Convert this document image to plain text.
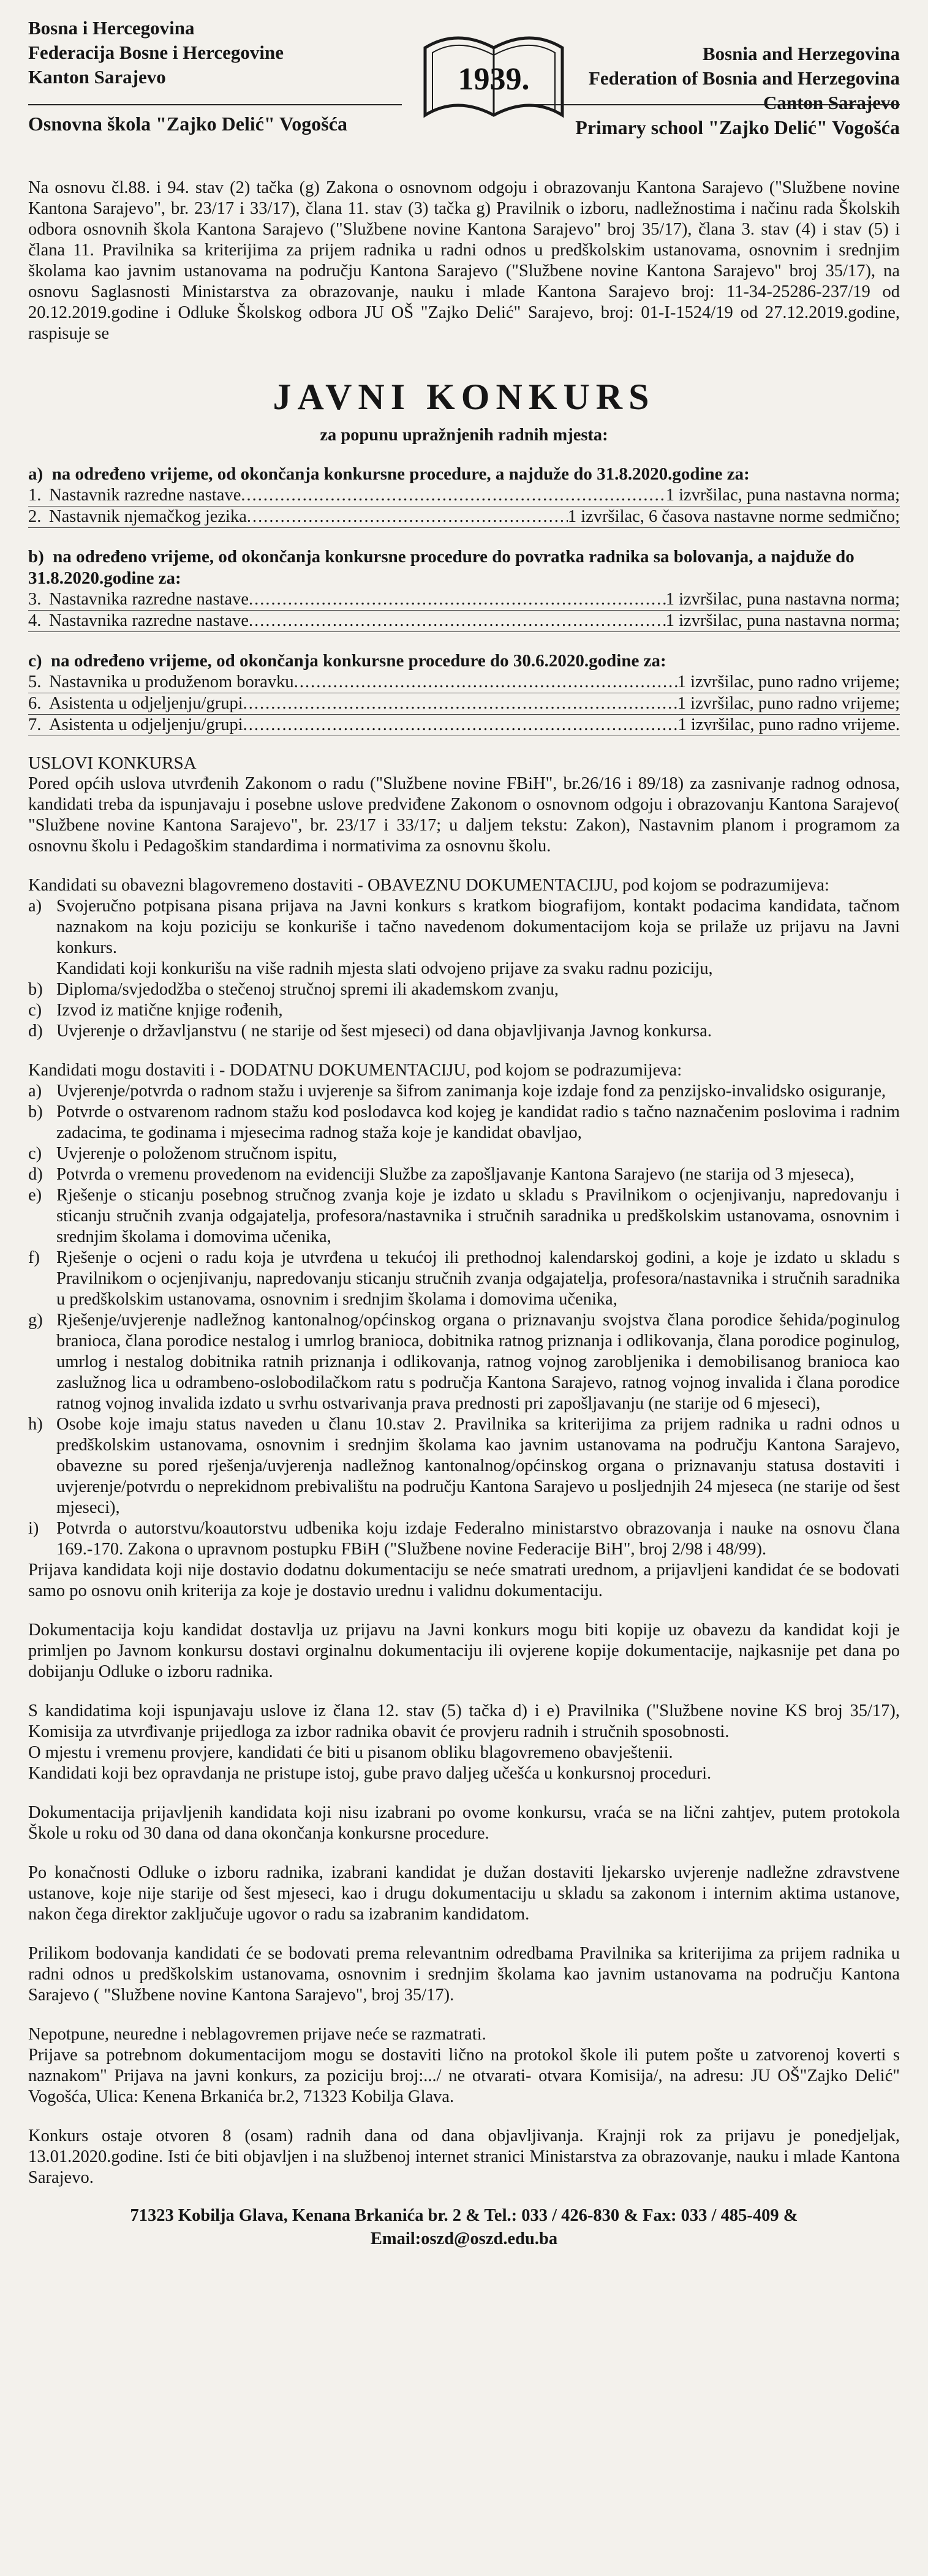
Bosna i Hercegovina
Federacija Bosne i Hercegovine
Kanton Sarajevo	1939.
Bosnia and Herzegovina
Federation of Bosnia and Herzegovina
Canton Sarajevo
Osnovna škola "Zajko Delić" Vogošća	Primary school "Zajko Delić" Vogošća

Na osnovu čl.88. i 94. stav (2) tačka (g) Zakona o osnovnom odgoju i obrazovanju Kantona Sarajevo ("Službene novine Kantona Sarajevo", br. 23/17 i 33/17), člana 11. stav (3) tačka g) Pravilnik o izboru, nadležnostima i načinu rada Školskih odbora osnovnih škola Kantona Sarajevo ("Službene novine Kantona Sarajevo" broj 35/17), člana 3. stav (4) i stav (5) i člana 11. Pravilnika sa kriterijima za prijem radnika u radni odnos u predškolskim ustanovama, osnovnim i srednjim školama kao javnim ustanovama na području Kantona Sarajevo ("Službene novine Kantona Sarajevo" broj 35/17), na osnovu Saglasnosti Ministarstva za obrazovanje, nauku i mlade Kantona Sarajevo broj: 11-34-25286-237/19 od 20.12.2019.godine i Odluke Školskog odbora JU OŠ "Zajko Delić" Sarajevo, broj: 01-I-1524/19 od 27.12.2019.godine, raspisuje se

JAVNI KONKURS
za popunu upražnjenih radnih mjesta:
a) na određeno vrijeme, od okončanja konkursne procedure, a najduže do 31.8.2020.godine za:
1. Nastavnik razredne nastave .....	1 izvršilac, puna nastavna norma;
2. Nastavnik njemačkog jezika .....	1 izvršilac, 6 časova nastavne norme sedmično;
b) na određeno vrijeme, od okončanja konkursne procedure do povratka radnika sa bolovanja, a najduže do 31.8.2020.godine za:
3. Nastavnika razredne nastave .....	1 izvršilac, puna nastavna norma;
4. Nastavnika razredne nastave .....	1 izvršilac, puna nastavna norma;
c) na određeno vrijeme, od okončanja konkursne procedure do 30.6.2020.godine za:
5. Nastavnika u produženom boravku .....	1 izvršilac, puno radno vrijeme;
6. Asistenta u odjeljenju/grupi .....	1 izvršilac, puno radno vrijeme;
7. Asistenta u odjeljenju/grupi .....	1 izvršilac, puno radno vrijeme.
USLOVI KONKURSA

Pored općih uslova utvrđenih Zakonom o radu ("Službene novine FBiH", br.26/16 i 89/18) za zasnivanje radnog odnosa, kandidati treba da ispunjavaju i posebne uslove predviđene Zakonom o osnovnom odgoju i obrazovanju Kantona Sarajevo( "Službene novine Kantona Sarajevo", br. 23/17 i 33/17; u daljem tekstu: Zakon), Nastavnim planom i programom za osnovnu školu i Pedagoškim standardima i normativima za osnovnu školu.

Kandidati su obavezni blagovremeno dostaviti - OBAVEZNU DOKUMENTACIJU, pod kojom se podrazumijeva:

a) Svojeručno potpisana pisana prijava na Javni konkurs s kratkom biografijom, kontakt podacima kandidata, tačnom naznakom na koju poziciju se konkuriše i tačno navedenom dokumentacijom koja se prilaže uz prijavu na Javni konkurs.
Kandidati koji konkurišu na više radnih mjesta slati odvojeno prijave za svaku radnu poziciju,
b) Diploma/svjedodžba o stečenoj stručnoj spremi ili akademskom zvanju,
c) Izvod iz matične knjige rođenih,
d) Uvjerenje o državljanstvu ( ne starije od šest mjeseci) od dana objavljivanja Javnog konkursa.

Kandidati mogu dostaviti i - DODATNU DOKUMENTACIJU, pod kojom se podrazumijeva:

a) Uvjerenje/potvrda o radnom stažu i uvjerenje sa šifrom zanimanja koje izdaje fond za penzijsko-invalidsko osiguranje,
b) Potvrde o ostvarenom radnom stažu kod poslodavca kod kojeg je kandidat radio s tačno naznačenim poslovima i radnim zadacima, te godinama i mjesecima radnog staža koje je kandidat obavljao,
c) Uvjerenje o položenom stručnom ispitu,
d) Potvrda o vremenu provedenom na evidenciji Službe za zapošljavanje Kantona Sarajevo (ne starija od 3 mjeseca),
e) Rješenje o sticanju posebnog stručnog zvanja koje je izdato u skladu s Pravilnikom o ocjenjivanju, napredovanju i sticanju stručnih zvanja odgajatelja, profesora/nastavnika i stručnih saradnika u predškolskim ustanovama, osnovnim i srednjim školama i domovima učenika,
f) Rješenje o ocjeni o radu koja je utvrđena u tekućoj ili prethodnoj kalendarskoj godini, a koje je izdato u skladu s Pravilnikom o ocjenjivanju, napredovanju sticanju stručnih zvanja odgajatelja, profesora/nastavnika i stručnih saradnika u predškolskim ustanovama, osnovnim i srednjim školama i domovima učenika,
g) Rješenje/uvjerenje nadležnog kantonalnog/općinskog organa o priznavanju svojstva člana porodice šehida/poginulog branioca, člana porodice nestalog i umrlog branioca, dobitnika ratnog priznanja i odlikovanja, člana porodice poginulog, umrlog i nestalog dobitnika ratnih priznanja i odlikovanja, ratnog vojnog zarobljenika i demobilisanog branioca kao zaslužnog lica u odrambeno-oslobodilačkom ratu s područja Kantona Sarajevo, ratnog vojnog invalida i člana porodice ratnog vojnog invalida izdato u svrhu ostvarivanja prava prednosti pri zapošljavanju (ne starije od 6 mjeseci),
h) Osobe koje imaju status naveden u članu 10.stav 2. Pravilnika sa kriterijima za prijem radnika u radni odnos u predškolskim ustanovama, osnovnim i srednjim školama kao javnim ustanovama na području Kantona Sarajevo, obavezne su pored rješenja/uvjerenja nadležnog kantonalnog/općinskog organa o priznavanju statusa dostaviti i uvjerenje/potvrdu o neprekidnom prebivalištu na području Kantona Sarajevo u posljednjih 24 mjeseca (ne starije od šest mjeseci),
i)	Potvrda o autorstvu/koautorstvu udbenika koju izdaje Federalno ministarstvo obrazovanja i nauke na osnovu člana 169.-170. Zakona o upravnom postupku FBiH ("Službene novine Federacije BiH", broj 2/98 i 48/99).

Prijava kandidata koji nije dostavio dodatnu dokumentaciju se neće smatrati urednom, a prijavljeni kandidat će se bodovati samo po osnovu onih kriterija za koje je dostavio urednu i validnu dokumentaciju.

Dokumentacija koju kandidat dostavlja uz prijavu na Javni konkurs mogu biti kopije uz obavezu da kandidat koji je primljen po Javnom konkursu dostavi orginalnu dokumentaciju ili ovjerene kopije dokumentacije, najkasnije pet dana po dobijanju Odluke o izboru radnika.

S kandidatima koji ispunjavaju uslove iz člana 12. stav (5) tačka d) i e) Pravilnika ("Službene novine KS broj 35/17), Komisija za utvrđivanje prijedloga za izbor radnika obavit će provjeru radnih i stručnih sposobnosti.
O mjestu i vremenu provjere, kandidati će biti u pisanom obliku blagovremeno obavještenii.
Kandidati koji bez opravdanja ne pristupe istoj, gube pravo daljeg učešća u konkursnoj proceduri.

Dokumentacija prijavljenih kandidata koji nisu izabrani po ovome konkursu, vraća se na lični zahtjev, putem protokola Škole u roku od 30 dana od dana okončanja konkursne procedure.

Po konačnosti Odluke o izboru radnika, izabrani kandidat je dužan dostaviti ljekarsko uvjerenje nadležne zdravstvene ustanove, koje nije starije od šest mjeseci, kao i drugu dokumentaciju u skladu sa zakonom i internim aktima ustanove, nakon čega direktor zaključuje ugovor o radu sa izabranim kandidatom.

Prilikom bodovanja kandidati će se bodovati prema relevantnim odredbama Pravilnika sa kriterijima za prijem radnika u radni odnos u predškolskim ustanovama, osnovnim i srednjim školama kao javnim ustanovama na području Kantona Sarajevo ( "Službene novine Kantona Sarajevo", broj 35/17).

Nepotpune, neuredne i neblagovremen prijave neće se razmatrati.
Prijave sa potrebnom dokumentacijom mogu se dostaviti lično na protokol škole ili putem pošte u zatvorenoj koverti s naznakom" Prijava na javni konkurs, za poziciju broj:.../ ne otvarati- otvara Komisija/, na adresu: JU OŠ"Zajko Delić" Vogošća, Ulica: Kenena Brkanića br.2, 71323 Kobilja Glava.

Konkurs ostaje otvoren 8 (osam) radnih dana od dana objavljivanja. Krajnji rok za prijavu je ponedjeljak, 13.01.2020.godine. Isti će biti objavljen i na službenoj internet stranici Ministarstva za obrazovanje, nauku i mlade Kantona Sarajevo.

71323 Kobilja Glava, Kenana Brkanića br. 2 & Tel.: 033 / 426-830 & Fax: 033 / 485-409 &
Email:oszd@oszd.edu.ba
